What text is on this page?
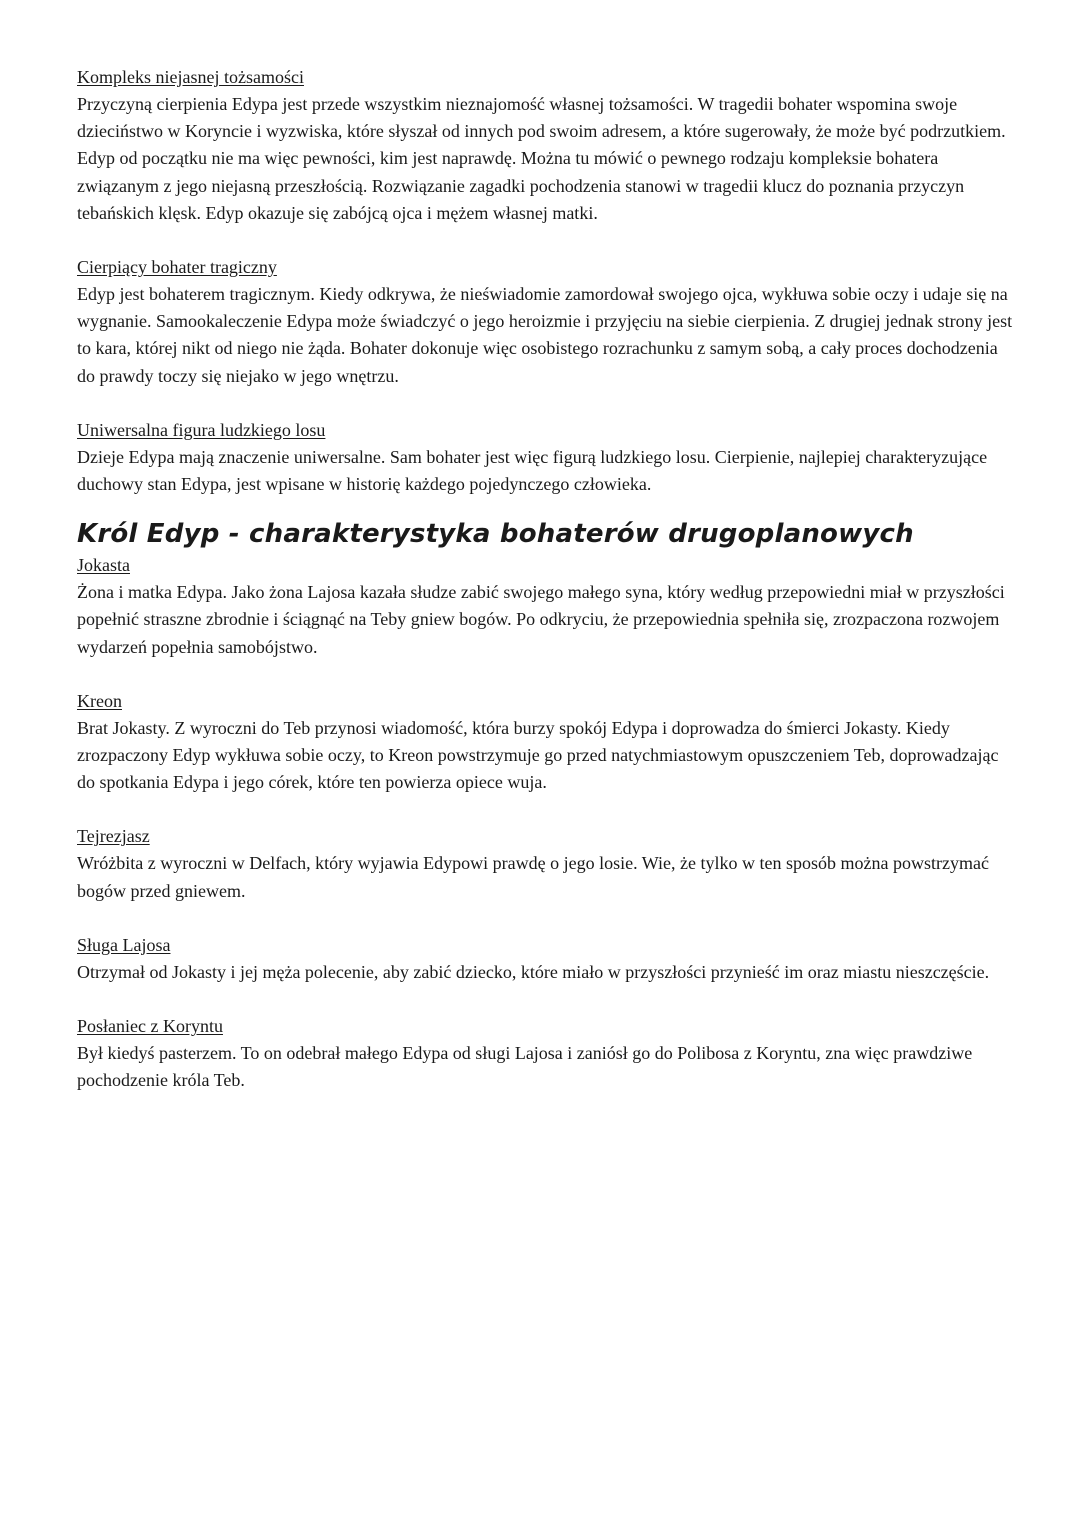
Kompleks niejasnej tożsamości

Przyczyną cierpienia Edypa jest przede wszystkim nieznajomość własnej tożsamości. W tragedii bohater wspomina swoje dzieciństwo w Koryncie i wyzwiska, które słyszał od innych pod swoim adresem, a które sugerowały, że może być podrzutkiem. Edyp od początku nie ma więc pewności, kim jest naprawdę. Można tu mówić o pewnego rodzaju kompleksie bohatera związanym z jego niejasną przeszłością. Rozwiązanie zagadki pochodzenia stanowi w tragedii klucz do poznania przyczyn tebańskich klęsk. Edyp okazuje się zabójcą ojca i mężem własnej matki.

Cierpiący bohater tragiczny

Edyp jest bohaterem tragicznym. Kiedy odkrywa, że nieświadomie zamordował swojego ojca, wykłuwa sobie oczy i udaje się na wygnanie. Samookaleczenie Edypa może świadczyć o jego heroizmie i przyjęciu na siebie cierpienia. Z drugiej jednak strony jest to kara, której nikt od niego nie żąda. Bohater dokonuje więc osobistego rozrachunku z samym sobą, a cały proces dochodzenia do prawdy toczy się niejako w jego wnętrzu.

Uniwersalna figura ludzkiego losu

Dzieje Edypa mają znaczenie uniwersalne. Sam bohater jest więc figurą ludzkiego losu. Cierpienie, najlepiej charakteryzujące duchowy stan Edypa, jest wpisane w historię każdego pojedynczego człowieka.

Król Edyp - charakterystyka bohaterów drugoplanowych
Jokasta

Żona i matka Edypa. Jako żona Lajosa kazała słudze zabić swojego małego syna, który według przepowiedni miał w przyszłości popełnić straszne zbrodnie i ściągnąć na Teby gniew bogów. Po odkryciu, że przepowiednia spełniła się, zrozpaczona rozwojem wydarzeń popełnia samobójstwo.

Kreon

Brat Jokasty. Z wyroczni do Teb przynosi wiadomość, która burzy spokój Edypa i doprowadza do śmierci Jokasty. Kiedy zrozpaczony Edyp wykłuwa sobie oczy, to Kreon powstrzymuje go przed natychmiastowym opuszczeniem Teb, doprowadzając do spotkania Edypa i jego córek, które ten powierza opiece wuja.

Tejrezjasz

Wróżbita z wyroczni w Delfach, który wyjawia Edypowi prawdę o jego losie. Wie, że tylko w ten sposób można powstrzymać bogów przed gniewem.

Sługa Lajosa

Otrzymał od Jokasty i jej męża polecenie, aby zabić dziecko, które miało w przyszłości przynieść im oraz miastu nieszczęście.

Posłaniec z Koryntu

Był kiedyś pasterzem. To on odebrał małego Edypa od sługi Lajosa i zaniósł go do Polibosa z Koryntu, zna więc prawdziwe pochodzenie króla Teb.
